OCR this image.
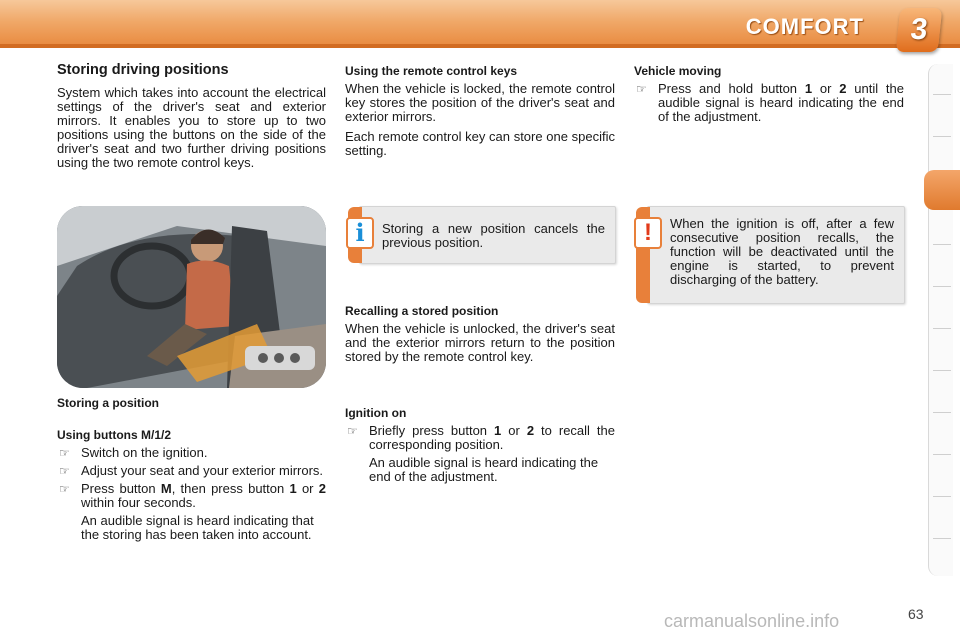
COMFORT	3
Storing driving positions

System which takes into account the electrical settings of the driver's seat and exterior mirrors. It enables you to store up to two positions using the buttons on the side of the driver's seat and two further driving positions using the two remote control keys.

Storing a position
Using buttons M/1/2
☞ Switch on the ignition.
☞ Adjust your seat and your exterior mirrors.
☞ Press button M, then press button 1 or 2 within four seconds.
An audible signal is heard indicating that the storing has been taken into account.
Using the remote control keys

When the vehicle is locked, the remote control key stores the position of the driver's seat and exterior mirrors.

Each remote control key can store one specific setting.

i	Storing a new position cancels the previous position.
Recalling a stored position

When the vehicle is unlocked, the driver's seat and the exterior mirrors return to the position stored by the remote control key.

Ignition on
☞ Briefly press button 1 or 2 to recall the corresponding position.
An audible signal is heard indicating the end of the adjustment.
Vehicle moving
☞ Press and hold button 1 or 2 until the audible signal is heard indicating the end of the adjustment.
!	When the ignition is off, after a few consecutive position recalls, the function will be deactivated until the engine is started, to prevent discharging of the battery.
63
carmanualsonline.info
